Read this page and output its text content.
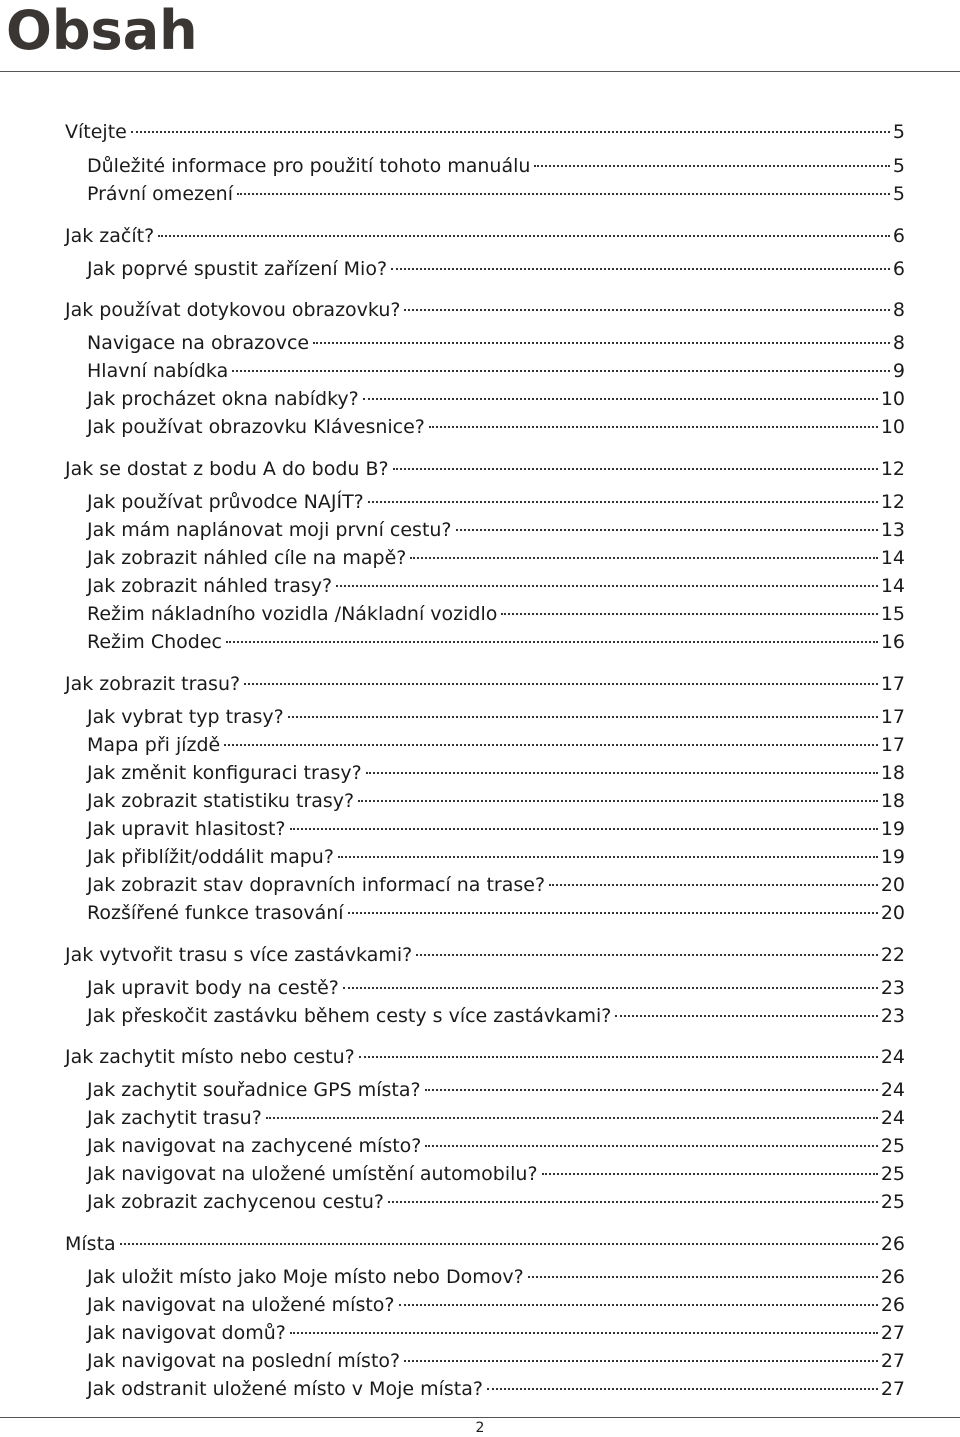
Obsah
Vítejte	5
Důležité informace pro použití tohoto manuálu	5
Právní omezení	5
Jak začít?	6
Jak poprvé spustit zařízení Mio?	6
Jak používat dotykovou obrazovku?	8
Navigace na obrazovce	8
Hlavní nabídka	9
Jak procházet okna nabídky?	10
Jak používat obrazovku Klávesnice?	10
Jak se dostat z bodu A do bodu B?	12
Jak používat průvodce NAJÍT?	12
Jak mám naplánovat moji první cestu?	13
Jak zobrazit náhled cíle na mapě?	14
Jak zobrazit náhled trasy?	14
Režim nákladního vozidla /Nákladní vozidlo	15
Režim Chodec	16
Jak zobrazit trasu?	17
Jak vybrat typ trasy?	17
Mapa při jízdě	17
Jak změnit konfiguraci trasy?	18
Jak zobrazit statistiku trasy?	18
Jak upravit hlasitost?	19
Jak přiblížit/oddálit mapu?	19
Jak zobrazit stav dopravních informací na trase?	20
Rozšířené funkce trasování	20
Jak vytvořit trasu s více zastávkami?	22
Jak upravit body na cestě?	23
Jak přeskočit zastávku během cesty s více zastávkami?	23
Jak zachytit místo nebo cestu?	24
Jak zachytit souřadnice GPS místa?	24
Jak zachytit trasu?	24
Jak navigovat na zachycené místo?	25
Jak navigovat na uložené umístění automobilu?	25
Jak zobrazit zachycenou cestu?	25
Místa	26
Jak uložit místo jako Moje místo nebo Domov?	26
Jak navigovat na uložené místo?	26
Jak navigovat domů?	27
Jak navigovat na poslední místo?	27
Jak odstranit uložené místo v Moje místa?	27
2
